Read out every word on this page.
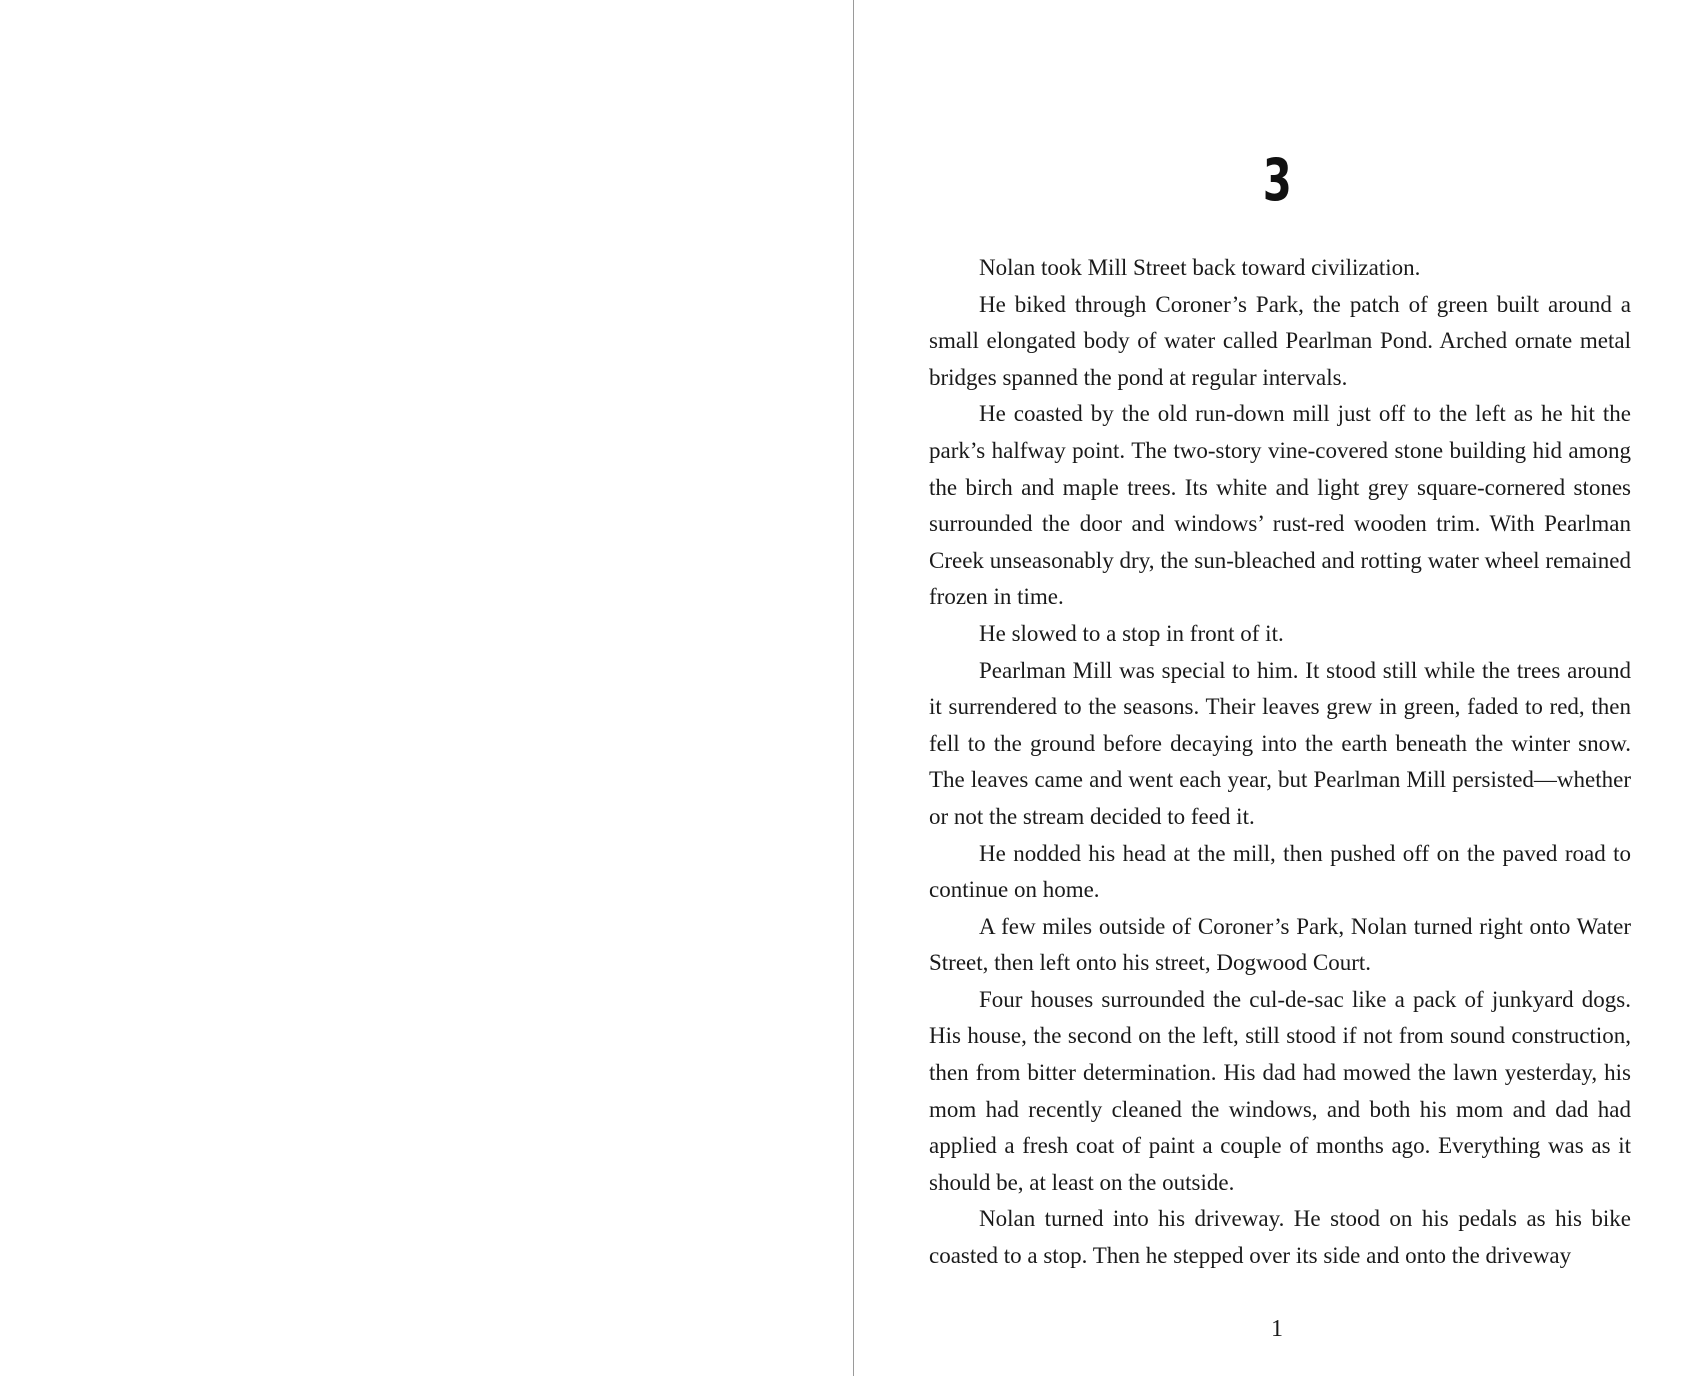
3

Nolan took Mill Street back toward civilization.

He biked through Coroner’s Park, the patch of green built around a small elongated body of water called Pearlman Pond. Arched ornate metal bridges spanned the pond at regular intervals.

He coasted by the old run-down mill just off to the left as he hit the park’s halfway point. The two-story vine-covered stone building hid among the birch and maple trees. Its white and light grey square-cornered stones surrounded the door and windows’ rust-red wooden trim. With Pearlman Creek unseasonably dry, the sun-bleached and rotting water wheel remained frozen in time.

He slowed to a stop in front of it.

Pearlman Mill was special to him. It stood still while the trees around it surrendered to the seasons. Their leaves grew in green, faded to red, then fell to the ground before decaying into the earth beneath the winter snow. The leaves came and went each year, but Pearlman Mill persisted—whether or not the stream decided to feed it.

He nodded his head at the mill, then pushed off on the paved road to continue on home.

A few miles outside of Coroner’s Park, Nolan turned right onto Water Street, then left onto his street, Dogwood Court.

Four houses surrounded the cul-de-sac like a pack of junkyard dogs. His house, the second on the left, still stood if not from sound construction, then from bitter determination. His dad had mowed the lawn yesterday, his mom had recently cleaned the windows, and both his mom and dad had applied a fresh coat of paint a couple of months ago. Everything was as it should be, at least on the outside.

Nolan turned into his driveway. He stood on his pedals as his bike coasted to a stop. Then he stepped over its side and onto the driveway

1
